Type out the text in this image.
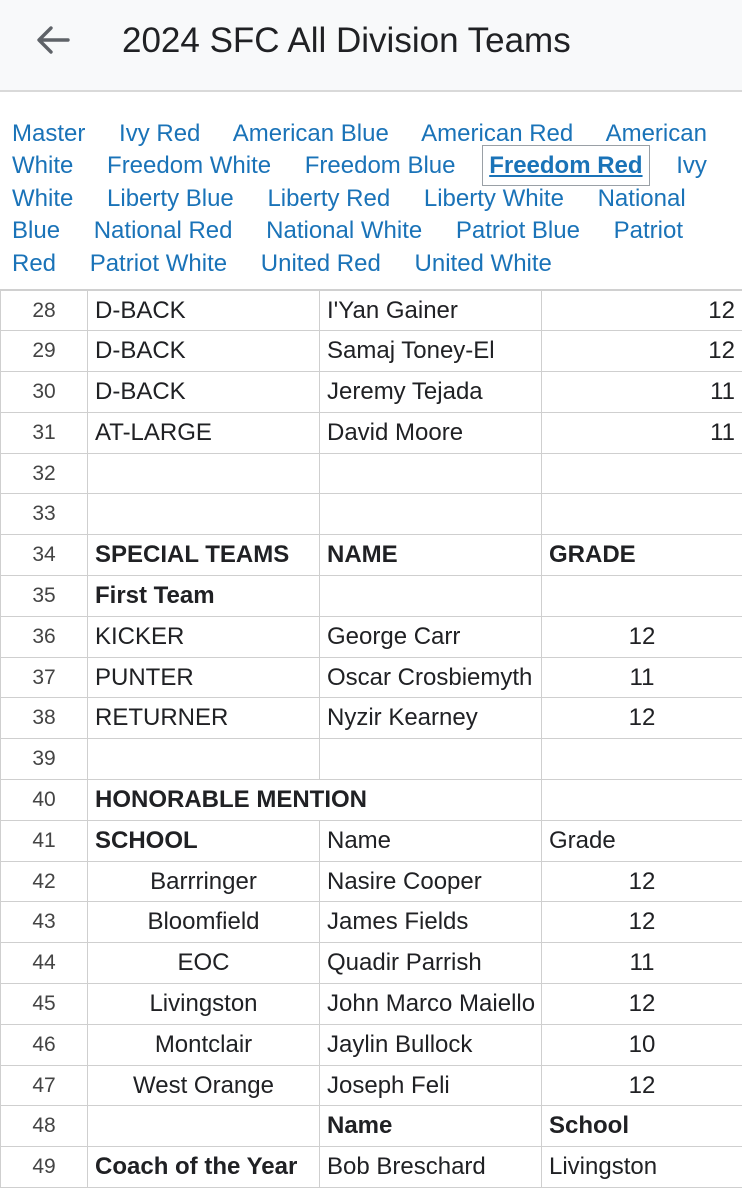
2024 SFC All Division Teams
Master Ivy Red American Blue American Red American White Freedom White Freedom Blue Freedom Red Ivy White Liberty Blue Liberty Red Liberty White National Blue National Red National White Patriot Blue Patriot Red Patriot White United Red United White
28	D-BACK	I'Yan Gainer	12
29	D-BACK	Samaj Toney-El	12
30	D-BACK	Jeremy Tejada	11
31	AT-LARGE	David Moore	11
32			
33			
34	SPECIAL TEAMS	NAME	GRADE
35	First Team		
36	KICKER	George Carr	12
37	PUNTER	Oscar Crosbiemyth	11
38	RETURNER	Nyzir Kearney	12
39			
40	HONORABLE MENTION		
41	SCHOOL	Name	Grade
42	Barrringer	Nasire Cooper	12
43	Bloomfield	James Fields	12
44	EOC	Quadir Parrish	11
45	Livingston	John Marco Maiello	12
46	Montclair	Jaylin Bullock	10
47	West Orange	Joseph Feli	12
48		Name	School
49	Coach of the Year	Bob Breschard	Livingston
